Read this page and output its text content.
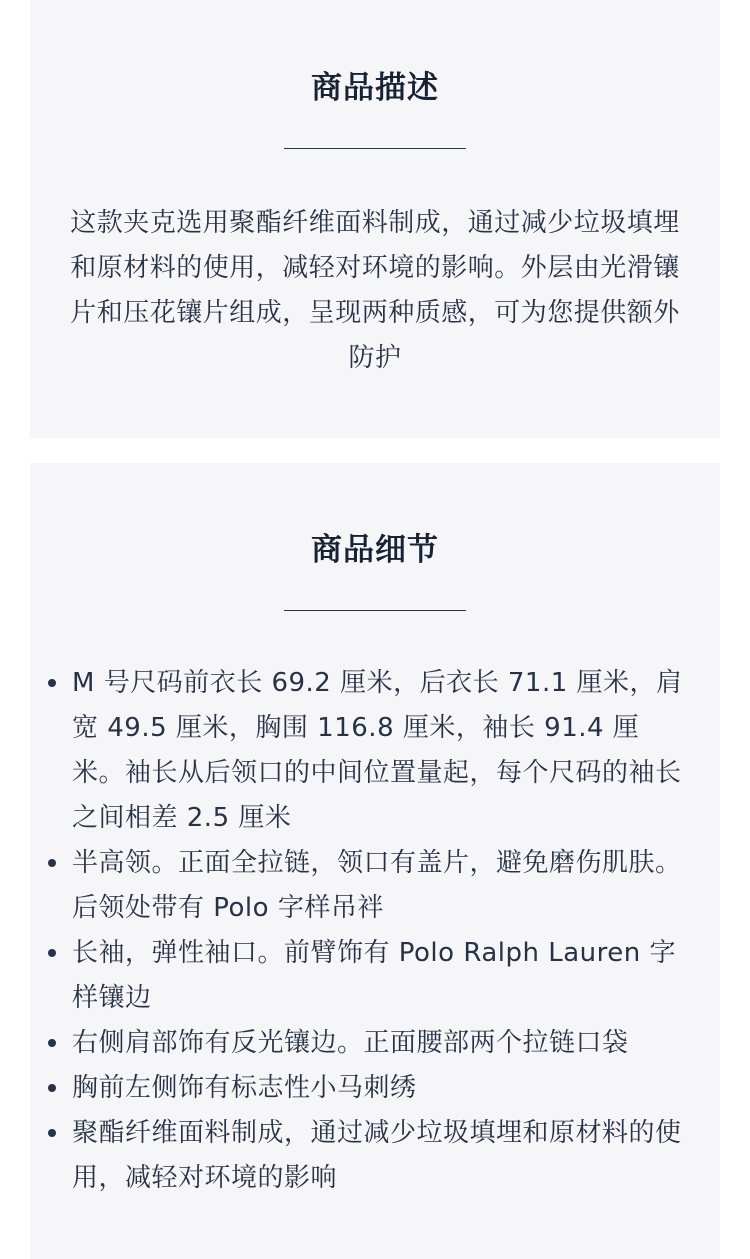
商品描述

这款夹克选用聚酯纤维面料制成，通过减少垃圾填埋和原材料的使用，减轻对环境的影响。外层由光滑镶片和压花镶片组成，呈现两种质感，可为您提供额外防护

商品细节
M 号尺码前衣长 69.2 厘米，后衣长 71.1 厘米，肩宽 49.5 厘米，胸围 116.8 厘米，袖长 91.4 厘米。袖长从后领口的中间位置量起，每个尺码的袖长之间相差 2.5 厘米
半高领。正面全拉链，领口有盖片，避免磨伤肌肤。后领处带有 Polo 字样吊袢
长袖，弹性袖口。前臂饰有 Polo Ralph Lauren 字样镶边
右侧肩部饰有反光镶边。正面腰部两个拉链口袋
胸前左侧饰有标志性小马刺绣
聚酯纤维面料制成，通过减少垃圾填埋和原材料的使用，减轻对环境的影响
